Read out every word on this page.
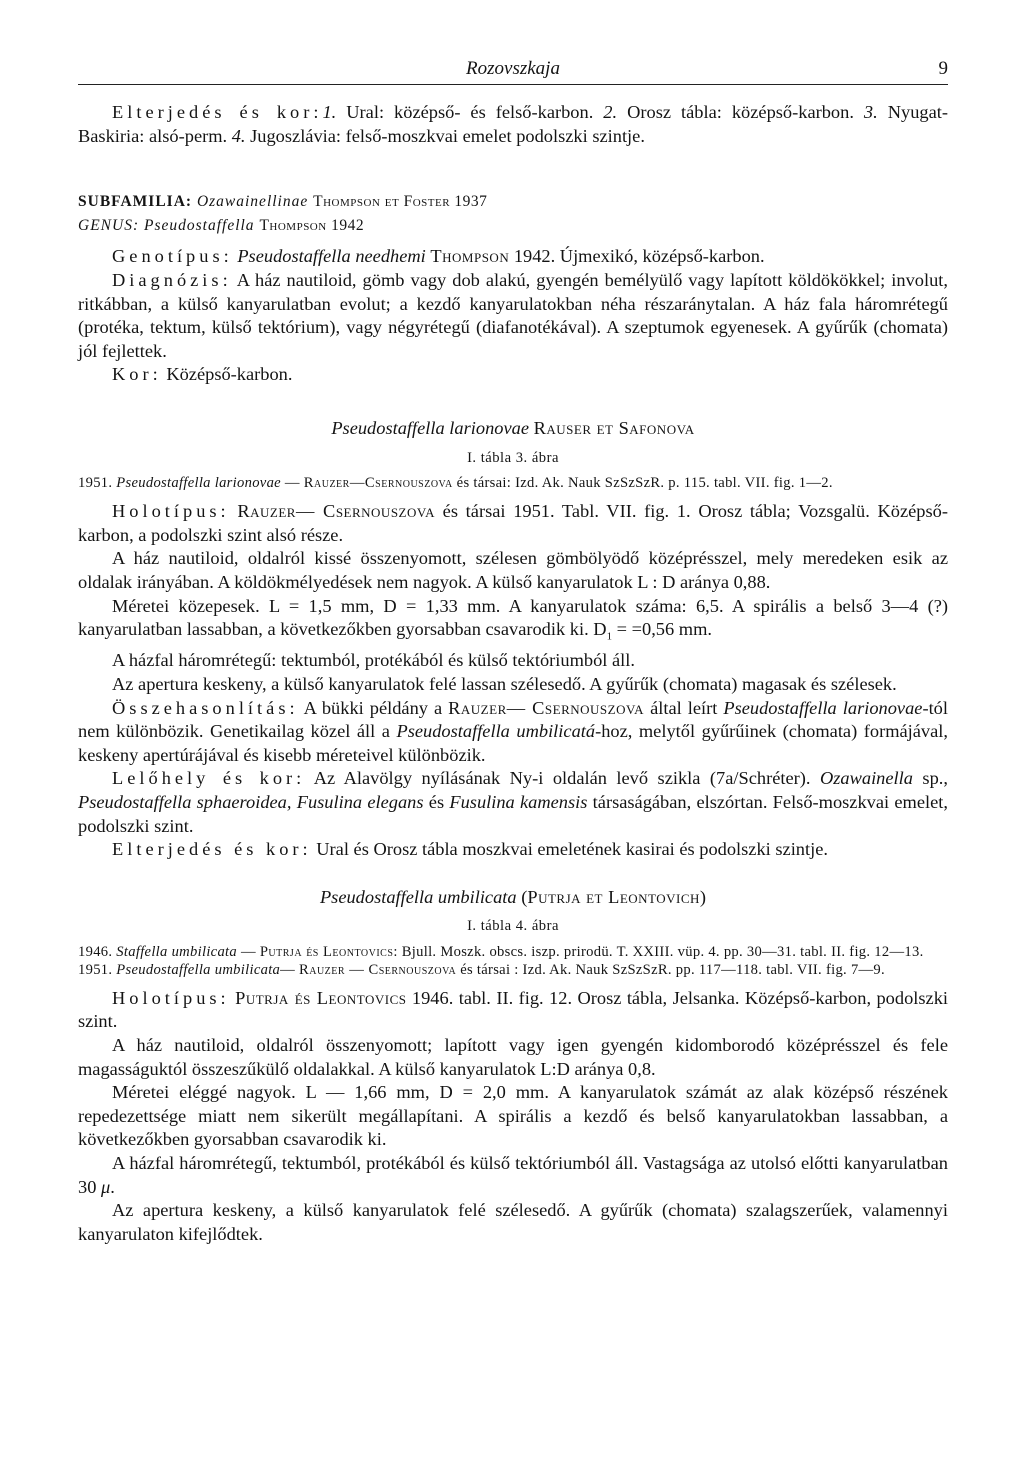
Rozovszkaja	9

Elterjedés és kor:1. Ural: középső- és felső-karbon. 2. Orosz tábla: középső-karbon. 3. Nyugat-Baskiria: alsó-perm. 4. Jugoszlávia: felső-moszkvai emelet podolszki szintje.

SUBFAMILIA: Ozawainellinae Thompson et Foster 1937

GENUS: Pseudostaffella Thompson 1942

Genotípus: Pseudostaffella needhemi Thompson 1942. Újmexikó, középső-karbon.

Diagnózis: A ház nautiloid, gömb vagy dob alakú, gyengén bemélyülő vagy lapított köldökökkel; involut, ritkábban, a külső kanyarulatban evolut; a kezdő kanyarulatokban néha részaránytalan. A ház fala háromrétegű (protéka, tektum, külső tektórium), vagy négyrétegű (diafanotékával). A szeptumok egyenesek. A gyűrűk (chomata) jól fejlettek.

Kor: Középső-karbon.

Pseudostaffella larionovae Rauser et Safonova

I. tábla 3. ábra

1951. Pseudostaffella larionovae — Rauzer—Csernouszova és társai: Izd. Ak. Nauk SzSzSzR. p. 115. tabl. VII. fig. 1—2.

Holotípus: Rauzer— Csernouszova és társai 1951. Tabl. VII. fig. 1. Orosz tábla; Vozsgalü. Középső-karbon, a podolszki szint alsó része.

A ház nautiloid, oldalról kissé összenyomott, szélesen gömbölyödő középrésszel, mely meredeken esik az oldalak irányában. A köldökmélyedések nem nagyok. A külső kanyarulatok L : D aránya 0,88.

Méretei közepesek. L = 1,5 mm, D = 1,33 mm. A kanyarulatok száma: 6,5. A spirális a belső 3—4 (?) kanyarulatban lassabban, a következőkben gyorsabban csavarodik ki. $D_1 = =0,56$ mm.

A házfal háromrétegű: tektumból, protékából és külső tektóriumból áll.

Az apertura keskeny, a külső kanyarulatok felé lassan szélesedő. A gyűrűk (chomata) magasak és szélesek.

Összehasonlítás: A bükki példány a Rauzer— Csernouszova által leírt Pseudostaffella larionovae-tól nem különbözik. Genetikailag közel áll a Pseudostaffella umbilicatá-hoz, melytől gyűrűinek (chomata) formájával, keskeny apertúrájával és kisebb méreteivel különbözik.

Lelőhely és kor: Az Alavölgy nyílásának Ny-i oldalán levő szikla (7a/Schréter). Ozawainella sp., Pseudostaffella sphaeroidea, Fusulina elegans és Fusulina kamensis társaságában, elszórtan. Felső-moszkvai emelet, podolszki szint.

Elterjedés és kor: Ural és Orosz tábla moszkvai emeletének kasirai és podolszki szintje.

Pseudostaffella umbilicata (Putrja et Leontovich)

I. tábla 4. ábra

1946. Staffella umbilicata — Putrja és Leontovics: Bjull. Moszk. obscs. iszp. prirodü. T. XXIII. vüp. 4. pp. 30—31. tabl. II. fig. 12—13.

1951. Pseudostaffella umbilicata— Rauzer — Csernouszova és társai : Izd. Ak. Nauk SzSzSzR. pp. 117—118. tabl. VII. fig. 7—9.

Holotípus: Putrja és Leontovics 1946. tabl. II. fig. 12. Orosz tábla, Jelsanka. Középső-karbon, podolszki szint.

A ház nautiloid, oldalról összenyomott; lapított vagy igen gyengén kidomborodó középrésszel és fele magasságuktól összeszűkülő oldalakkal. A külső kanyarulatok L:D aránya 0,8.

Méretei eléggé nagyok. L — 1,66 mm, D = 2,0 mm. A kanyarulatok számát az alak középső részének repedezettsége miatt nem sikerült megállapítani. A spirális a kezdő és belső kanyarulatokban lassabban, a következőkben gyorsabban csavarodik ki.

A házfal háromrétegű, tektumból, protékából és külső tektóriumból áll. Vastagsága az utolsó előtti kanyarulatban 30 μ.

Az apertura keskeny, a külső kanyarulatok felé szélesedő. A gyűrűk (chomata) szalagszerűek, valamennyi kanyarulaton kifejlődtek.
